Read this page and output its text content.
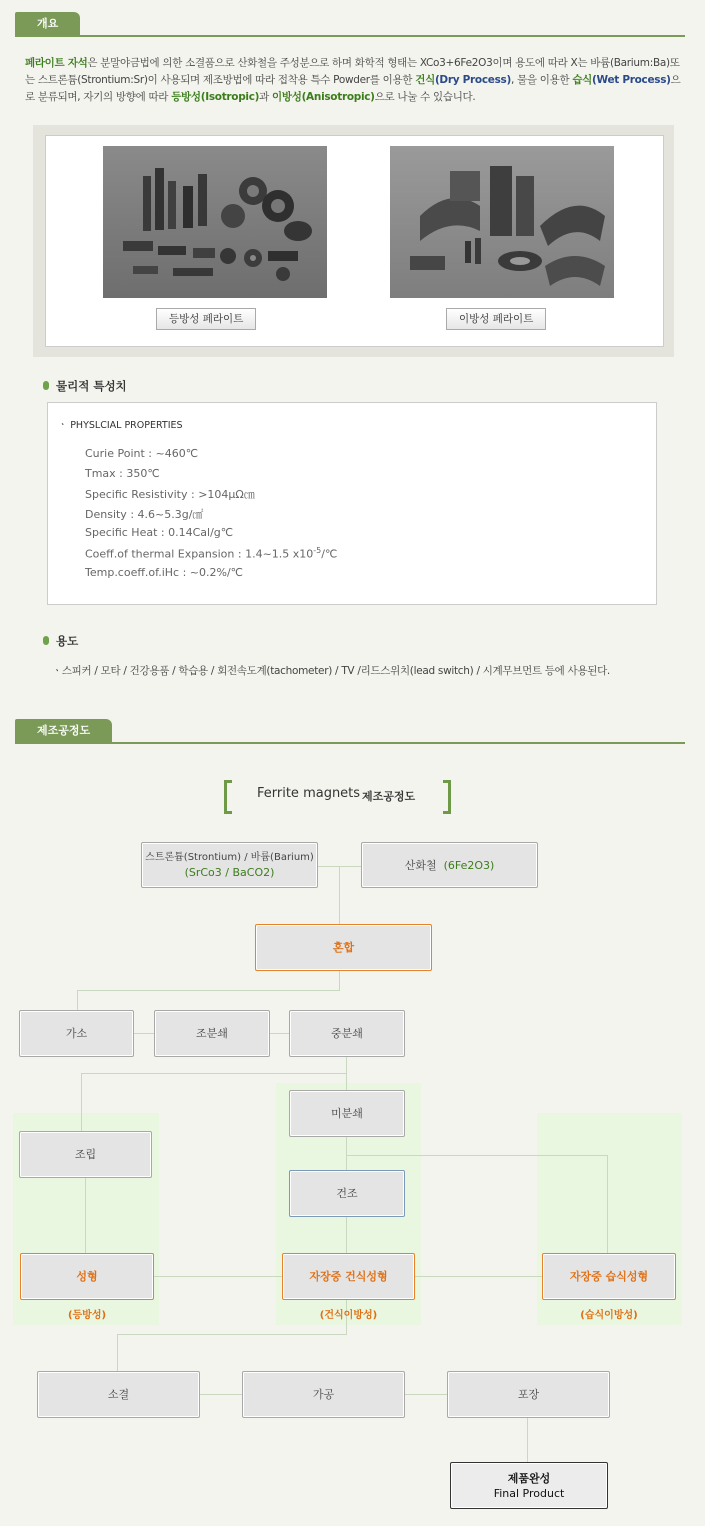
개요
페라이트 자석은 분말야금법에 의한 소결품으로 산화철을 주성분으로 하며 화학적 형태는 XCo3+6Fe2O3이며 용도에 따라 X는 바륨(Barium:Ba)또는 스트론튬(Strontium:Sr)이 사용되며 제조방법에 따라 접착용 특수 Powder를 이용한 건식(Dry Process), 물을 이용한 습식(Wet Process)으로 분류되며, 자기의 방향에 따라 등방성(Isotropic)과 이방성(Anisotropic)으로 나눌 수 있습니다.
등방성 페라이트	이방성 페라이트
물리적 특성치
ㆍ PHYSLCIAL PROPERTIES
Curie Point : ~460℃
Tmax : 350℃
Specific Resistivity : >104μΩ㎝
Density : 4.6~5.3g/㎠
Specific Heat : 0.14Cal/g℃
Coeff.of thermal Expansion : 1.4~1.5 $x10^{-5}/℃$
Temp.coeff.of.iHc : ~0.2%/℃
용도
ㆍ스피커 / 모타 / 건강용품 / 학습용 / 회전속도계(tachometer) / TV /리드스위치(lead switch) / 시계무브먼트 등에 사용된다.
제조공정도
Ferrite magnets 제조공정도
스트론튬(Strontium) / 바륨(Barium)
(SrCo3 / BaCO2)
산화철
(6Fe2O3)
혼합
가소	조분쇄	중분쇄
미분쇄
조립
건조
성형	자장중 건식성형	자장중 습식성형
(등방성)	(건식이방성)	(습식이방성)
소결	가공	포장
제품완성
Final Product
